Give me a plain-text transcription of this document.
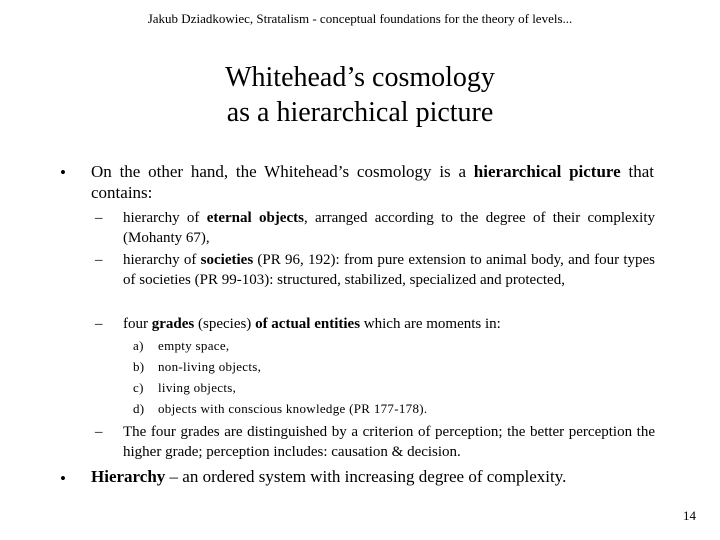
Jakub Dziadkowiec, Stratalism - conceptual foundations for the theory of levels...
Whitehead’s cosmology
as a hierarchical picture
• On the other hand, the Whitehead’s cosmology is a hierarchical picture that contains:
– hierarchy of eternal objects, arranged according to the degree of their complexity (Mohanty 67),
– hierarchy of societies (PR 96, 192): from pure extension to animal body, and four types of societies (PR 99-103): structured, stabilized, specialized and protected,
– four grades (species) of actual entities which are moments in:
a) empty space,
b) non-living objects,
c) living objects,
d) objects with conscious knowledge (PR 177-178).
– The four grades are distinguished by a criterion of perception; the better perception the higher grade; perception includes: causation & decision.
• Hierarchy – an ordered system with increasing degree of complexity.
14
